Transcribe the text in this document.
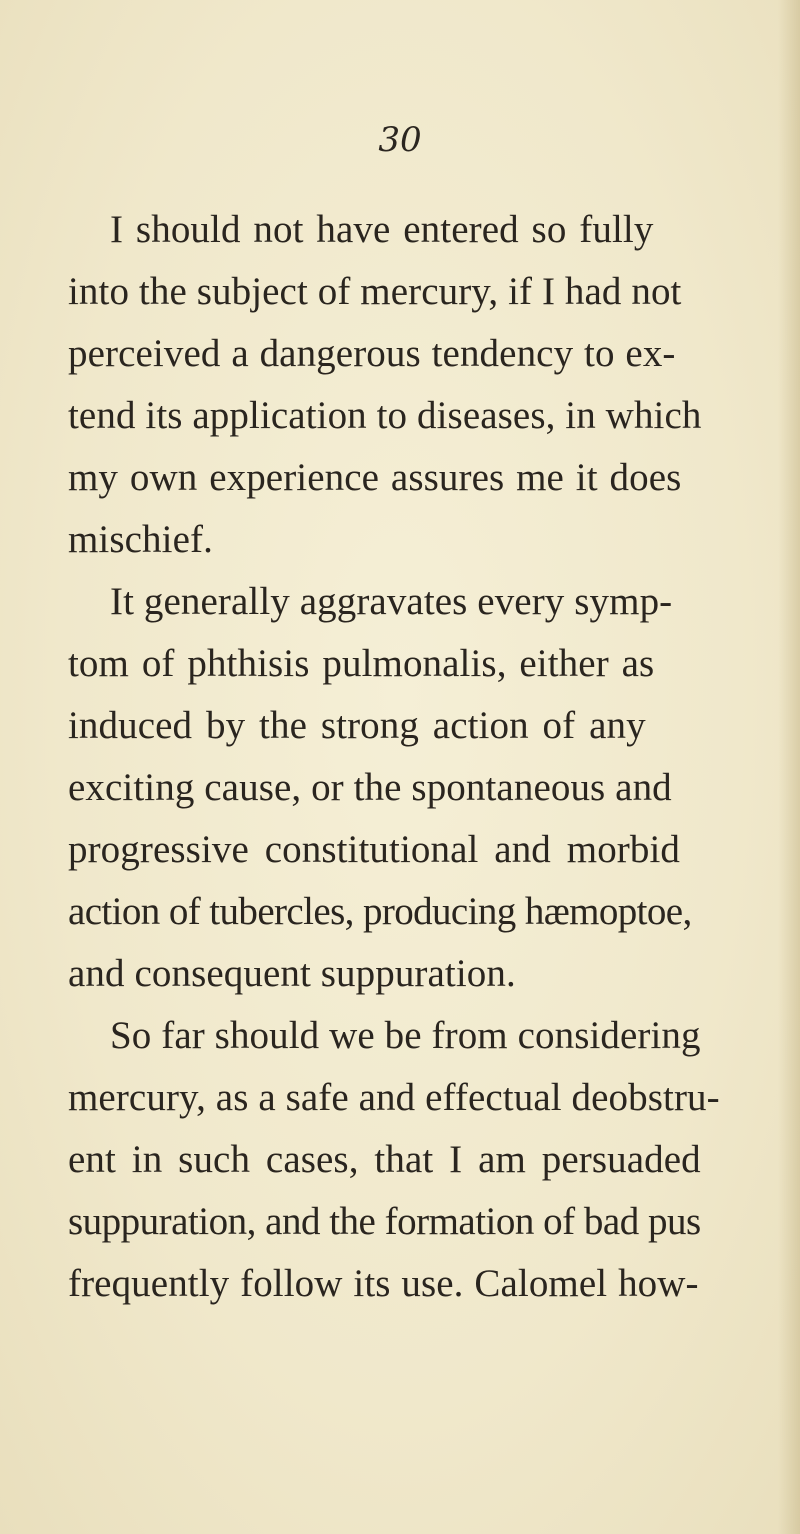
30

I should not have entered so fully

into the subject of mercury, if I had not

perceived a dangerous tendency to ex-

tend its application to diseases, in which

my own experience assures me it does

mischief.

It generally aggravates every symp-

tom of phthisis pulmonalis, either as

induced by the strong action of any

exciting cause, or the spontaneous and

progressive constitutional and morbid

action of tubercles, producing hæmoptoe,

and consequent suppuration.

So far should we be from considering

mercury, as a safe and effectual deobstru-

ent in such cases, that I am persuaded

suppuration, and the formation of bad pus

frequently follow its use. Calomel how-
